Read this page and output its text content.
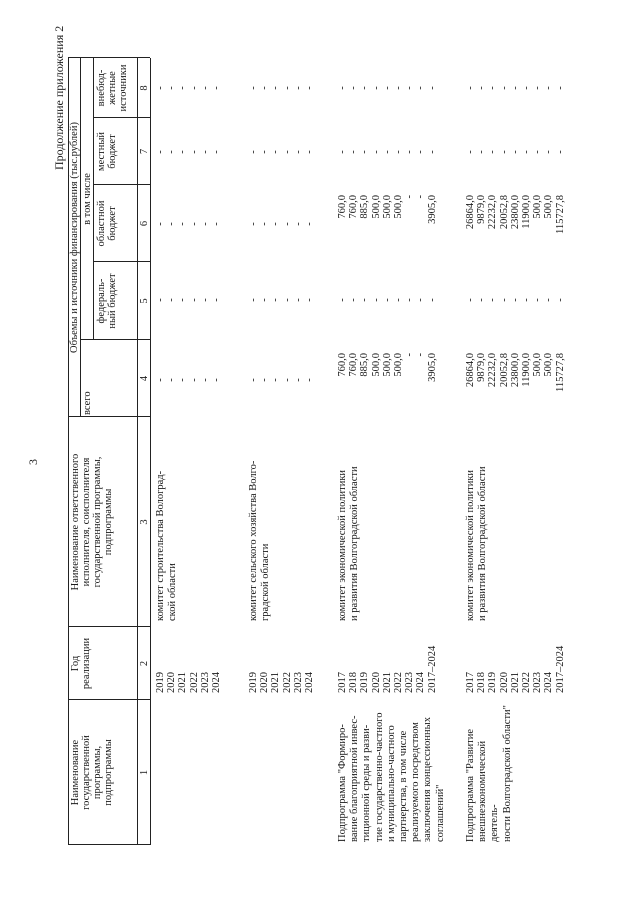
3
Продолжение приложения 2
Наименование государственной программы, подпрограммы
Год реализации
Наименование ответственного исполнителя, соисполнителя государственной программы, подпрограммы
Объемы и источники финансирования (тыс.рублей)
всего
в том числе
федераль- ный бюджет
областной бюджет
местный бюджет
внебюд- жетные источники
1
2
3
4
5
6
7
8
2019 2020 2021 2022 2023 2024
комитет строительства Волоград- ской области
- - - - - -
- - - - - -
- - - - - -
- - - - - -
- - - - - -
2019 2020 2021 2022 2023 2024
комитет сельского хозяйства Волго- градской области
- - - - - -
- - - - - -
- - - - - -
- - - - - -
- - - - - -
Подпрограмма "Формиро- вание благоприятной инвес- тиционной среды и разви- тие государственно-частного и муниципально-частного партнерства, в том числе реализуемого посредством заключения концессионных соглашений"
2017 2018 2019 2020 2021 2022 2023 2024 2017–2024
комитет экономической политики и развития Волгоградской области
760,0 760,0 885,0 500,0 500,0 500,0 - - 3905,0
- - - - - - - - -
760,0 760,0 885,0 500,0 500,0 500,0 - - 3905,0
- - - - - - - - -
- - - - - - - - -
Подпрограмма "Развитие внешнеэкономической деятель- ности Волгоградской области"
2017 2018 2019 2020 2021 2022 2023 2024 2017–2024
комитет экономической политики и развития Волгоградской области
26864,0 9879,0 22232,0 20052,8 23800,0 11900,0 500,0 500,0 115727,8
- - - - - - - - -
26864,0 9879,0 22232,0 20052,8 23800,0 11900,0 500,0 500,0 115727,8
- - - - - - - - -
- - - - - - - - -
